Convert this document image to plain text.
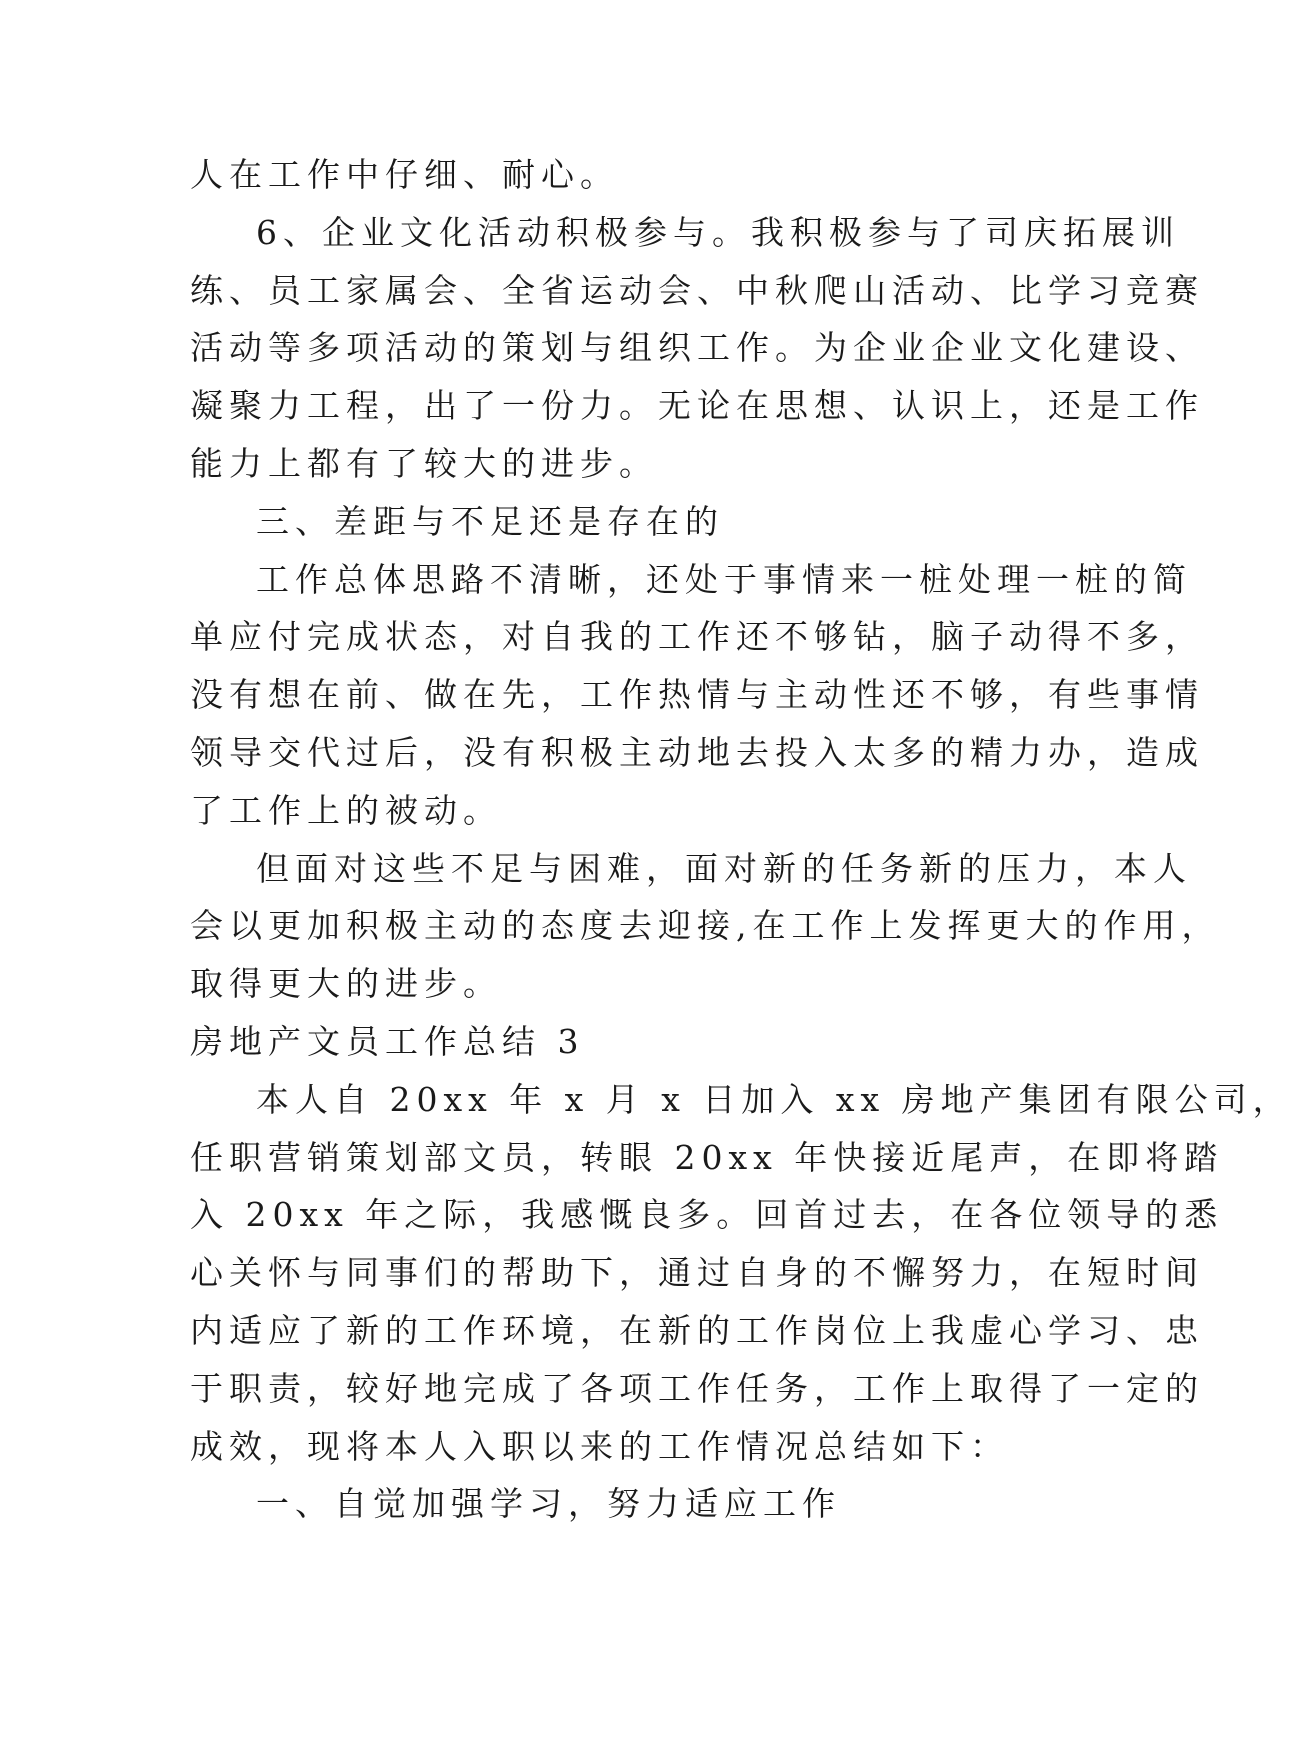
人在工作中仔细、耐心。
6、企业文化活动积极参与。我积极参与了司庆拓展训
练、员工家属会、全省运动会、中秋爬山活动、比学习竞赛
活动等多项活动的策划与组织工作。为企业企业文化建设、
凝聚力工程，出了一份力。无论在思想、认识上，还是工作
能力上都有了较大的进步。
三、差距与不足还是存在的
工作总体思路不清晰，还处于事情来一桩处理一桩的简
单应付完成状态，对自我的工作还不够钻，脑子动得不多，
没有想在前、做在先，工作热情与主动性还不够，有些事情
领导交代过后，没有积极主动地去投入太多的精力办，造成
了工作上的被动。
但面对这些不足与困难，面对新的任务新的压力，本人
会以更加积极主动的态度去迎接,在工作上发挥更大的作用，
取得更大的进步。
房地产文员工作总结 3
本人自 20xx 年 x 月 x 日加入 xx 房地产集团有限公司，
任职营销策划部文员，转眼 20xx 年快接近尾声，在即将踏
入 20xx 年之际，我感慨良多。回首过去，在各位领导的悉
心关怀与同事们的帮助下，通过自身的不懈努力，在短时间
内适应了新的工作环境，在新的工作岗位上我虚心学习、忠
于职责，较好地完成了各项工作任务，工作上取得了一定的
成效，现将本人入职以来的工作情况总结如下：
一、自觉加强学习，努力适应工作
